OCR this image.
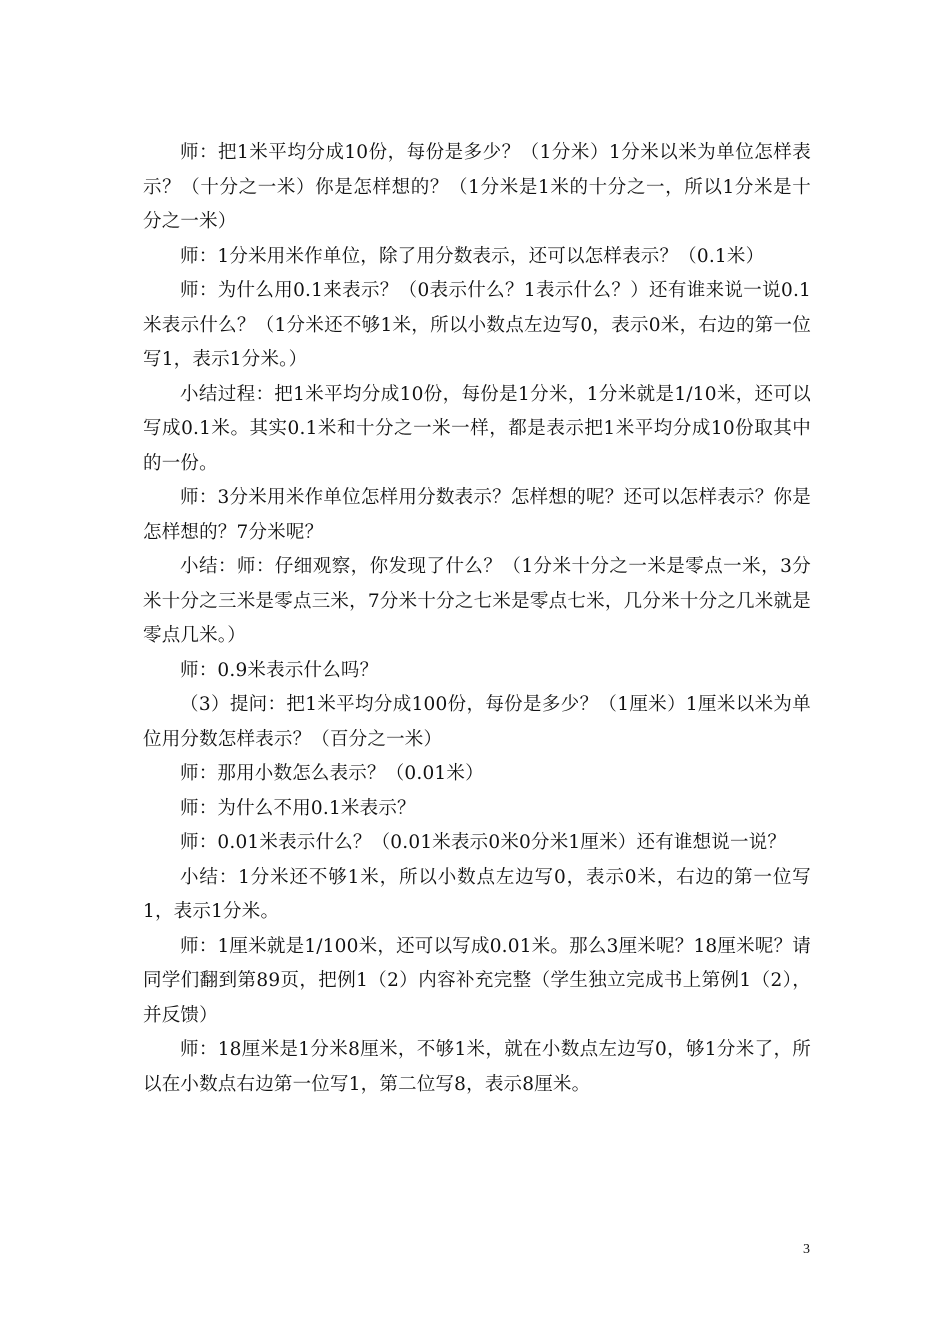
师：把1米平均分成10份，每份是多少？（1分米）1分米以米为单位怎样表示？（十分之一米）你是怎样想的？（1分米是1米的十分之一，所以1分米是十分之一米）

师：1分米用米作单位，除了用分数表示，还可以怎样表示？（0.1米）

师：为什么用0.1来表示？（0表示什么？1表示什么？）还有谁来说一说0.1米表示什么？（1分米还不够1米，所以小数点左边写0，表示0米，右边的第一位写1，表示1分米。）

小结过程：把1米平均分成10份，每份是1分米，1分米就是1/10米，还可以写成0.1米。其实0.1米和十分之一米一样，都是表示把1米平均分成10份取其中的一份。

师：3分米用米作单位怎样用分数表示？怎样想的呢？还可以怎样表示？你是怎样想的？7分米呢？

小结：师：仔细观察，你发现了什么？（1分米十分之一米是零点一米，3分米十分之三米是零点三米，7分米十分之七米是零点七米，几分米十分之几米就是零点几米。）

师：0.9米表示什么吗？

（3）提问：把1米平均分成100份，每份是多少？（1厘米）1厘米以米为单位用分数怎样表示？（百分之一米）

师：那用小数怎么表示？（0.01米）

师：为什么不用0.1米表示？

师：0.01米表示什么？（0.01米表示0米0分米1厘米）还有谁想说一说？

小结：1分米还不够1米，所以小数点左边写0，表示0米，右边的第一位写1，表示1分米。

师：1厘米就是1/100米，还可以写成0.01米。那么3厘米呢？18厘米呢？请同学们翻到第89页，把例1（2）内容补充完整（学生独立完成书上第例1（2），并反馈）

师：18厘米是1分米8厘米，不够1米，就在小数点左边写0，够1分米了，所以在小数点右边第一位写1，第二位写8，表示8厘米。

3
